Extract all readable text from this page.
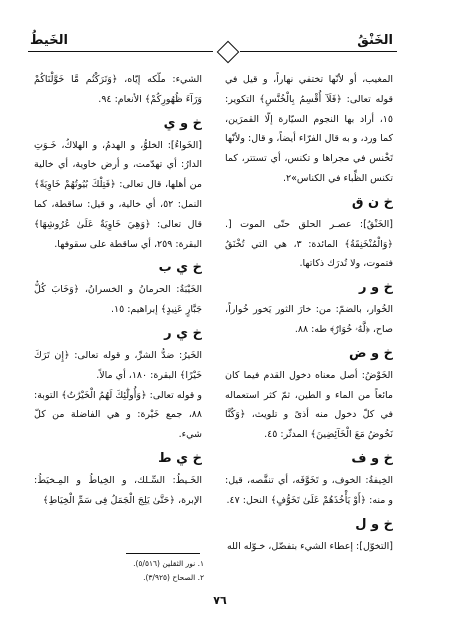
الخَنْقُ
الخَيطُ

المغيب، أو لأنّها تختفي نهاراً، و قيل في قوله تعالى: ﴿فَلَآ أُقْسِمُ بِالْخُنَّسِ﴾ التكوير: ١٥، أراد بها النجوم السيّارة إلّا القمرَين، كما ورد، و به قال الفرّاء أيضاً، و قال: ولأنّها تَخْنس في مجراها و تكنس، أي تستتر، كما تكنس الظِّباء في الكناس»٢.

خ ن ق

[الخَنْقُ]: عصـر الحلق حتّى الموت [. ﴿وَالْمُنْخَنِقَةُ﴾ المائدة: ٣، هي التي تُخْنَقُ فتموت، ولا تُدرَك ذكاتها.

خ و ر

الخُوار، بالضمّ: من: خارَ الثور يَخور خُواراً، صاح، ﴿لَّهُۥ خُوَارٌ﴾ طه: ٨٨.

خ و ض

الخَوْضُ: أصل معناه دخول القدم فيما كان مائعاً من الماء و الطين، ثمّ كثر استعماله في كلّ دخول منه أذىً و تلويث، ﴿وَكُنَّا نَخُوضُ مَعَ الْخَآئِضِينَ﴾ المدثّر: ٤٥.

خ و ف

الخِيفةُ: الخوف، و تَخَوَّفَه، أي تنقَّصه، قيل: و منه: ﴿أَوْ يَأْخُذَهُمْ عَلَىٰ تَخَوُّفٍ﴾ النحل: ٤٧.

خ و ل

[التخوّل]: إعطاء الشيء بتفضّل، خـوّله الله

الشيء: ملّكه إيّاه، ﴿وَتَرَكْتُم مَّا خَوَّلْنَاكُمْ وَرَآءَ ظُهُورِكُمْ﴾ الأنعام: ٩٤.

خ و ي

[الخَواءُ]: الخلوُّ، و الهدمُ، و الهلاكُ، خَـوَتِ الدارُ: أي تهدّمت، و أرض خاوية، أي خالية من أهلها، قال تعالى: ﴿فَتِلْكَ بُيُوتُهُمْ خَاوِيَةً﴾ النمل: ٥٢، أي خالية، و قيل: ساقطة، كما قال تعالى: ﴿وَهِيَ خَاوِيَةٌ عَلَىٰ عُرُوشِهَا﴾ البقرة: ٢٥٩، أي ساقطة على سقوفها.

خ ي ب

الخَيْبَةُ: الحرمانُ و الخسرانُ، ﴿وَخَابَ كُلُّ جَبَّارٍ عَنِيدٍ﴾ إبراهيم: ١٥.

خ ي ر

الخَيرُ: ضدُّ الشرِّ، و قوله تعالى: ﴿إِن تَرَكَ خَيْرًا﴾ البقرة: ١٨٠، أي مالاً.

و قوله تعالى: ﴿وَأُولَٰٓئِكَ لَهُمُ الْخَيْرَٰتُ﴾ التوبة: ٨٨، جمع خَيْرة: و هي الفاضلة من كلّ شيء.

خ ي ط

الخَـيطُ: السِّـلك، و الخِياطُ و المِـخيَطُ: الإبرة، ﴿حَتَّىٰ يَلِجَ الْجَمَلُ فِى سَمِّ الْخِيَاطِ﴾

١. نور الثقلين (٥/٥١٦).
٢. الصحاح (٣/٩٢٥).
٧٦
